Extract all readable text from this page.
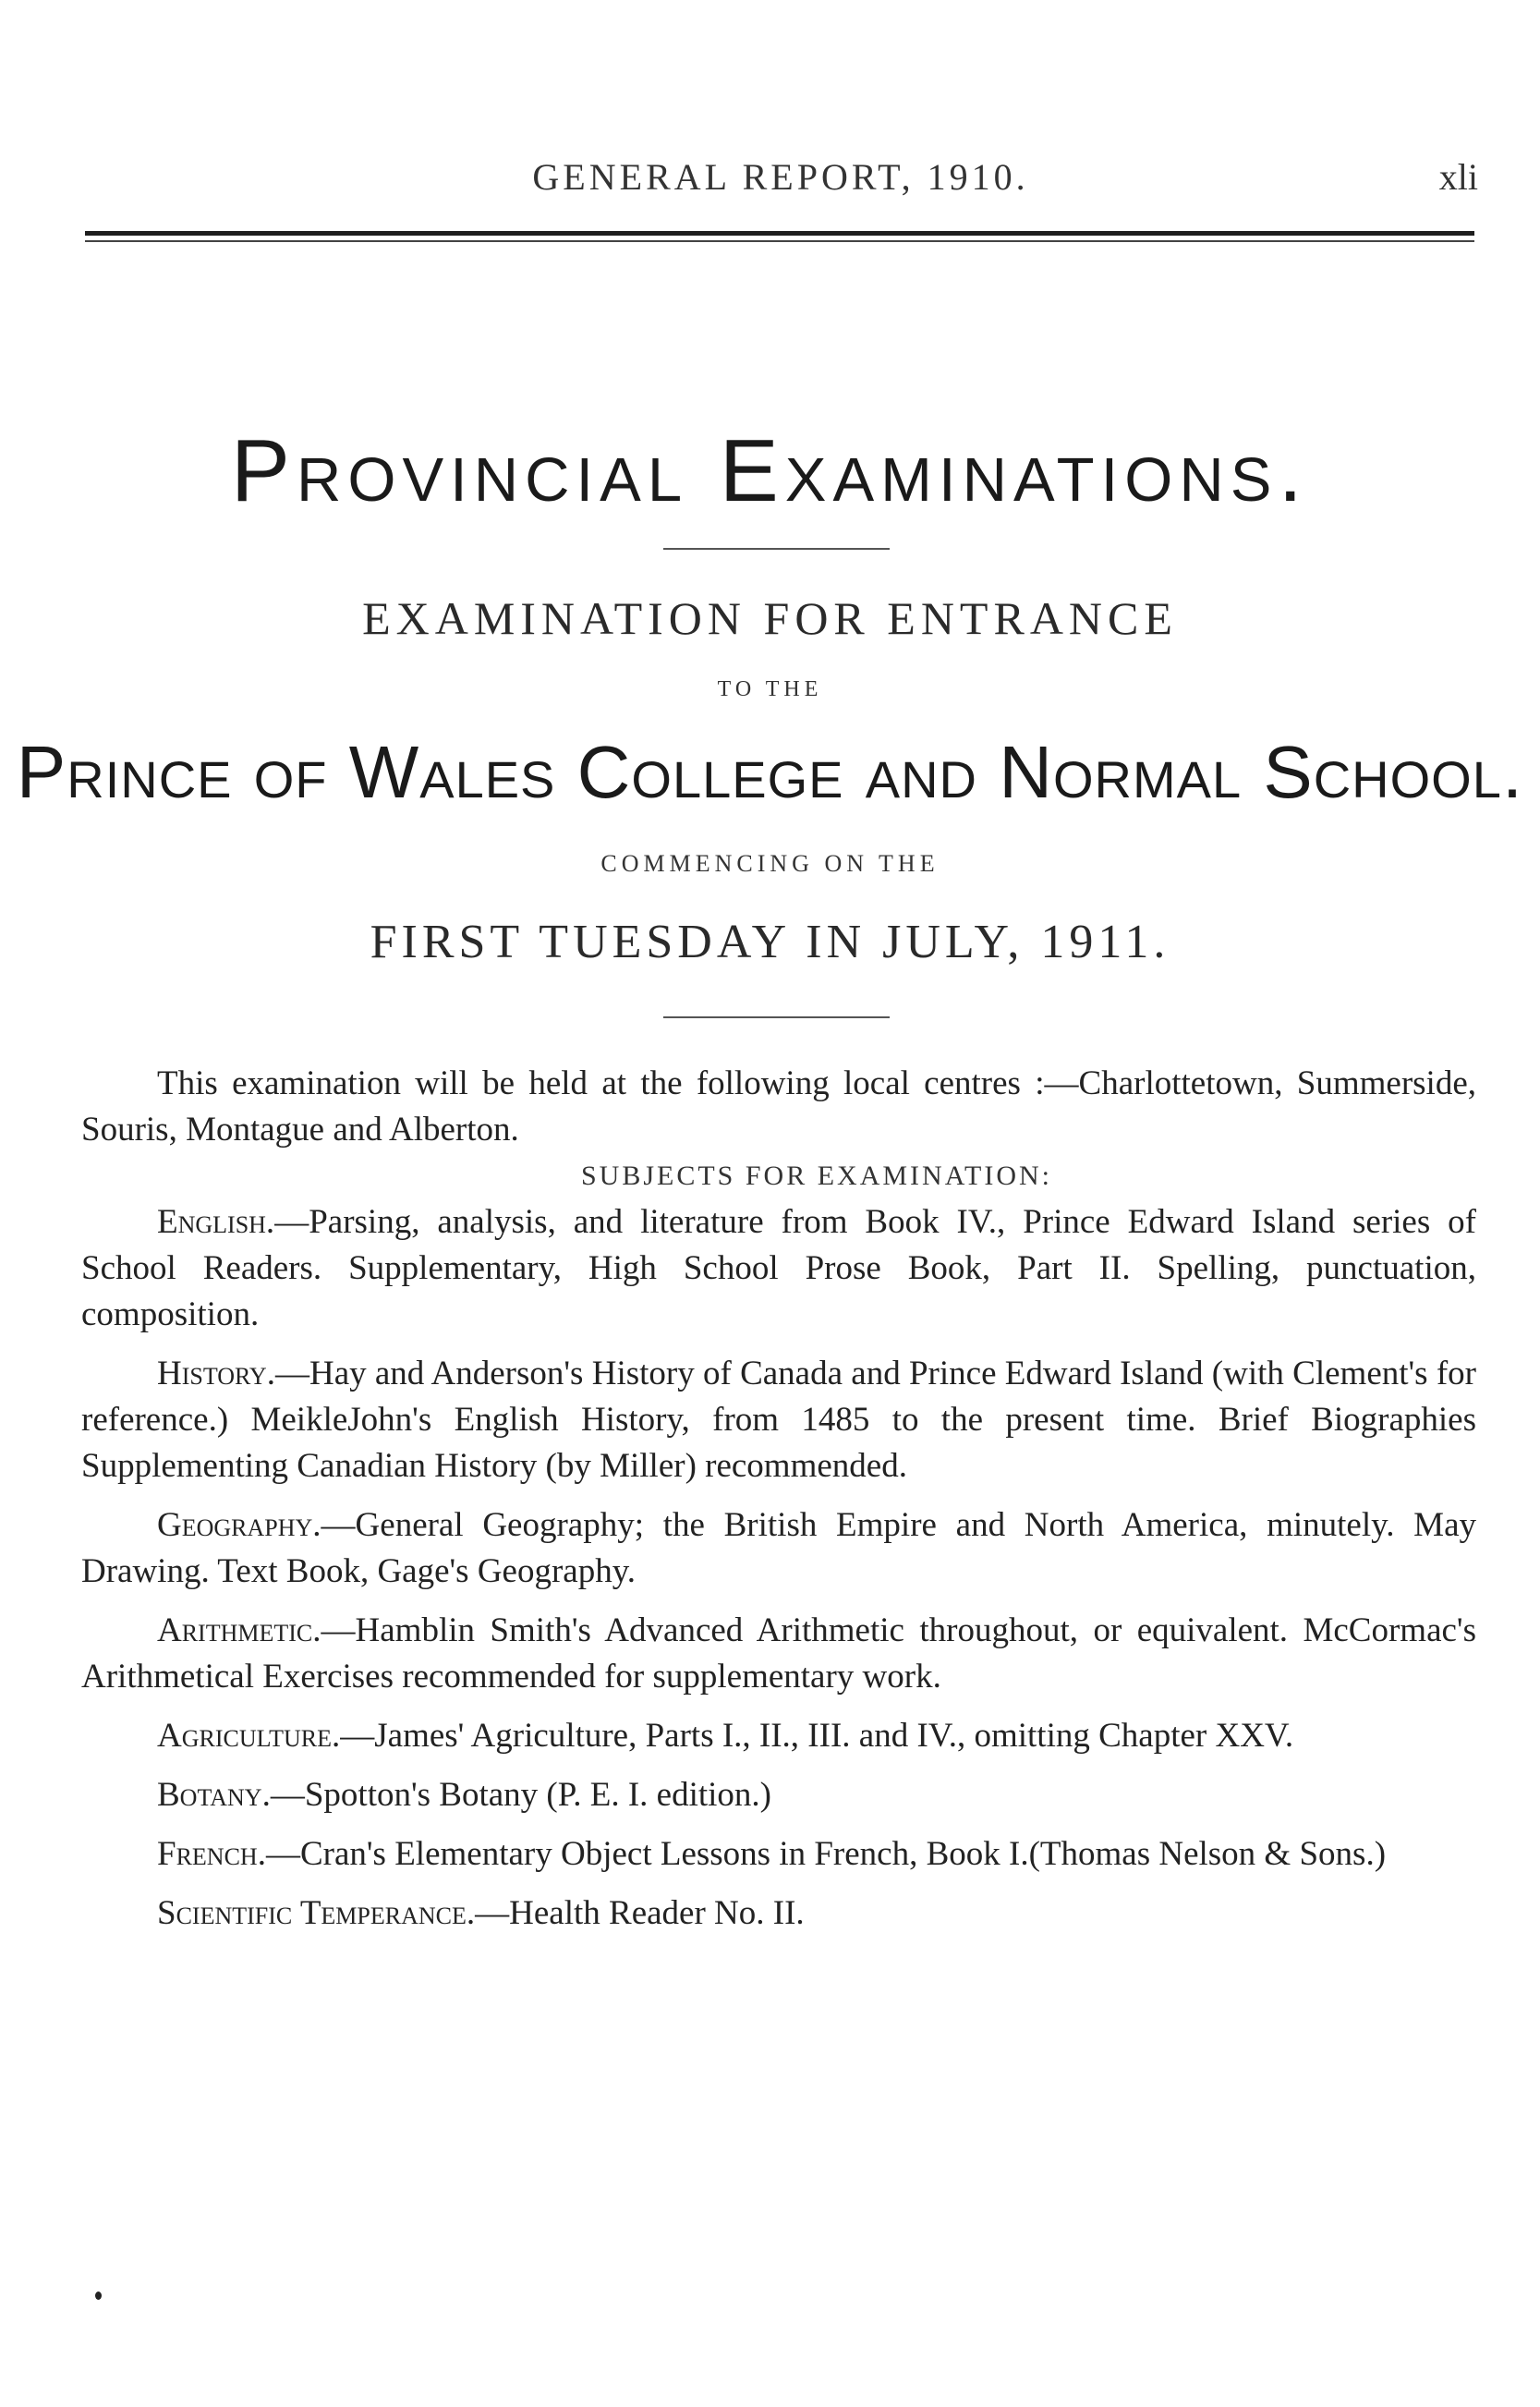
GENERAL REPORT, 1910.	xli
Provincial Examinations.
EXAMINATION FOR ENTRANCE
TO THE
Prince of Wales College and Normal School.
COMMENCING ON THE
FIRST TUESDAY IN JULY, 1911.

This examination will be held at the following local centres :—Charlottetown, Summerside, Souris, Montague and Alberton.

SUBJECTS FOR EXAMINATION:

English.—Parsing, analysis, and literature from Book IV., Prince Edward Island series of School Readers. Supplementary, High School Prose Book, Part II. Spelling, punctuation, composition.

History.—Hay and Anderson's History of Canada and Prince Edward Island (with Clement's for reference.) MeikleJohn's English History, from 1485 to the present time. Brief Biographies Supplementing Canadian History (by Miller) recommended.

Geography.—General Geography; the British Empire and North America, minutely. May Drawing. Text Book, Gage's Geography.

Arithmetic.—Hamblin Smith's Advanced Arithmetic throughout, or equivalent. McCormac's Arithmetical Exercises recommended for supplementary work.

Agriculture.—James' Agriculture, Parts I., II., III. and IV., omitting Chapter XXV.

Botany.—Spotton's Botany (P. E. I. edition.)

French.—Cran's Elementary Object Lessons in French, Book I.(Thomas Nelson & Sons.)

Scientific Temperance.—Health Reader No. II.
